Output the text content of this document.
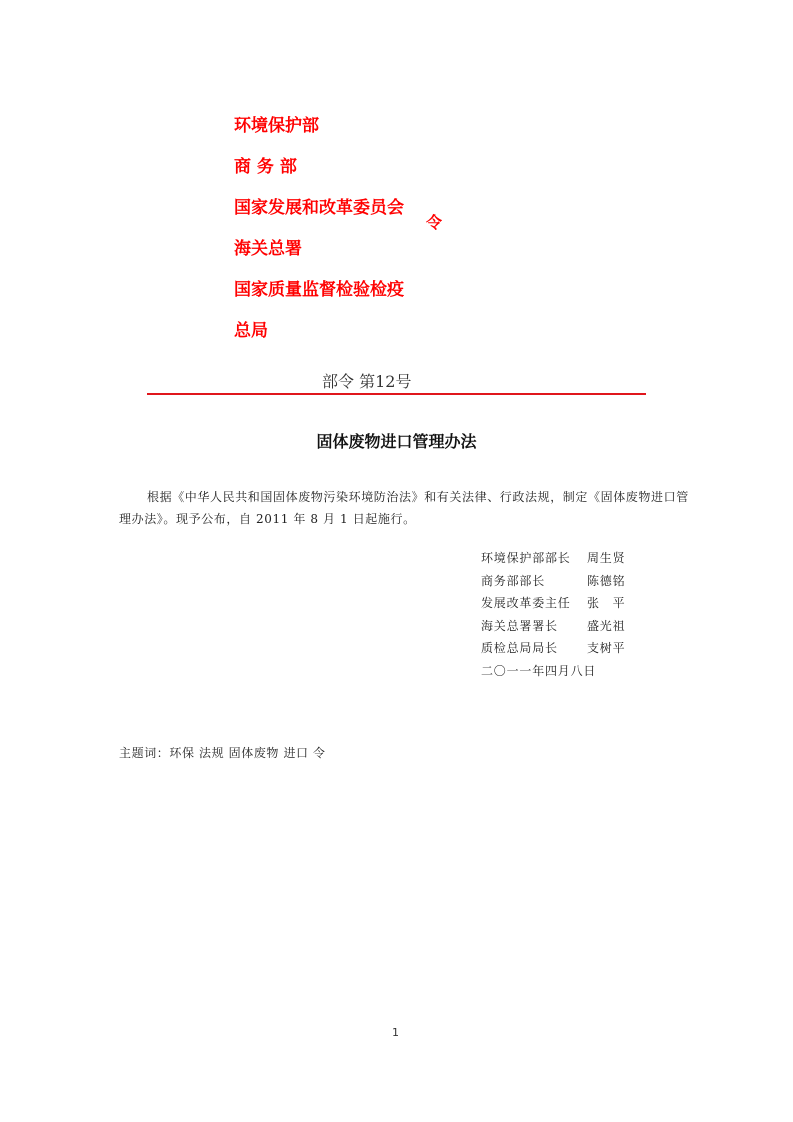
环境保护部
商 务 部
国家发展和改革委员会
海关总署
国家质量监督检验检疫
总局
令
部令 第12号
固体废物进口管理办法
根据《中华人民共和国固体废物污染环境防治法》和有关法律、行政法规，制定《固体废物进口管理办法》。现予公布，自 2011 年 8 月 1 日起施行。
环境保护部部长	周生贤
商务部部长	陈德铭
发展改革委主任	张　平
海关总署署长	盛光祖
质检总局局长	支树平
二〇一一年四月八日
主题词：环保 法规 固体废物 进口 令
1
